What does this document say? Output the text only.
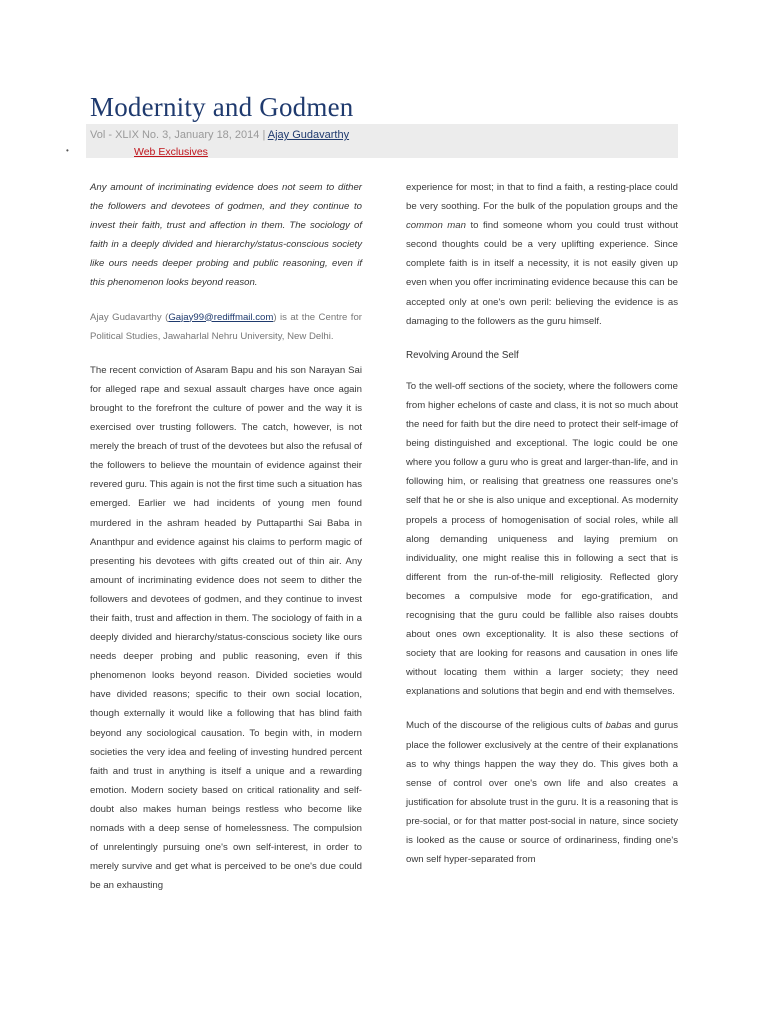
Modernity and Godmen
Vol - XLIX No. 3, January 18, 2014 | Ajay Gudavarthy
•	Web Exclusives

Any amount of incriminating evidence does not seem to dither the followers and devotees of godmen, and they continue to invest their faith, trust and affection in them. The sociology of faith in a deeply divided and hierarchy/status-conscious society like ours needs deeper probing and public reasoning, even if this phenomenon looks beyond reason.

Ajay Gudavarthy (Gajay99@rediffmail.com) is at the Centre for Political Studies, Jawaharlal Nehru University, New Delhi.

The recent conviction of Asaram Bapu and his son Narayan Sai for alleged rape and sexual assault charges have once again brought to the forefront the culture of power and the way it is exercised over trusting followers. The catch, however, is not merely the breach of trust of the devotees but also the refusal of the followers to believe the mountain of evidence against their revered guru. This again is not the first time such a situation has emerged. Earlier we had incidents of young men found murdered in the ashram headed by Puttaparthi Sai Baba in Ananthpur and evidence against his claims to perform magic of presenting his devotees with gifts created out of thin air. Any amount of incriminating evidence does not seem to dither the followers and devotees of godmen, and they continue to invest their faith, trust and affection in them. The sociology of faith in a deeply divided and hierarchy/status-conscious society like ours needs deeper probing and public reasoning, even if this phenomenon looks beyond reason. Divided societies would have divided reasons; specific to their own social location, though externally it would like a following that has blind faith beyond any sociological causation. To begin with, in modern societies the very idea and feeling of investing hundred percent faith and trust in anything is itself a unique and a rewarding emotion. Modern society based on critical rationality and self-doubt also makes human beings restless who become like nomads with a deep sense of homelessness. The compulsion of unrelentingly pursuing one's own self-interest, in order to merely survive and get what is perceived to be one's due could be an exhausting

experience for most; in that to find a faith, a resting-place could be very soothing. For the bulk of the population groups and the common man to find someone whom you could trust without second thoughts could be a very uplifting experience. Since complete faith is in itself a necessity, it is not easily given up even when you offer incriminating evidence because this can be accepted only at one's own peril: believing the evidence is as damaging to the followers as the guru himself.

Revolving Around the Self

To the well-off sections of the society, where the followers come from higher echelons of caste and class, it is not so much about the need for faith but the dire need to protect their self-image of being distinguished and exceptional. The logic could be one where you follow a guru who is great and larger-than-life, and in following him, or realising that greatness one reassures one's self that he or she is also unique and exceptional. As modernity propels a process of homogenisation of social roles, while all along demanding uniqueness and laying premium on individuality, one might realise this in following a sect that is different from the run-of-the-mill religiosity. Reflected glory becomes a compulsive mode for ego-gratification, and recognising that the guru could be fallible also raises doubts about ones own exceptionality. It is also these sections of society that are looking for reasons and causation in ones life without locating them within a larger society; they need explanations and solutions that begin and end with themselves.

Much of the discourse of the religious cults of babas and gurus place the follower exclusively at the centre of their explanations as to why things happen the way they do. This gives both a sense of control over one's own life and also creates a justification for absolute trust in the guru. It is a reasoning that is pre-social, or for that matter post-social in nature, since society is looked as the cause or source of ordinariness, finding one's own self hyper-separated from
